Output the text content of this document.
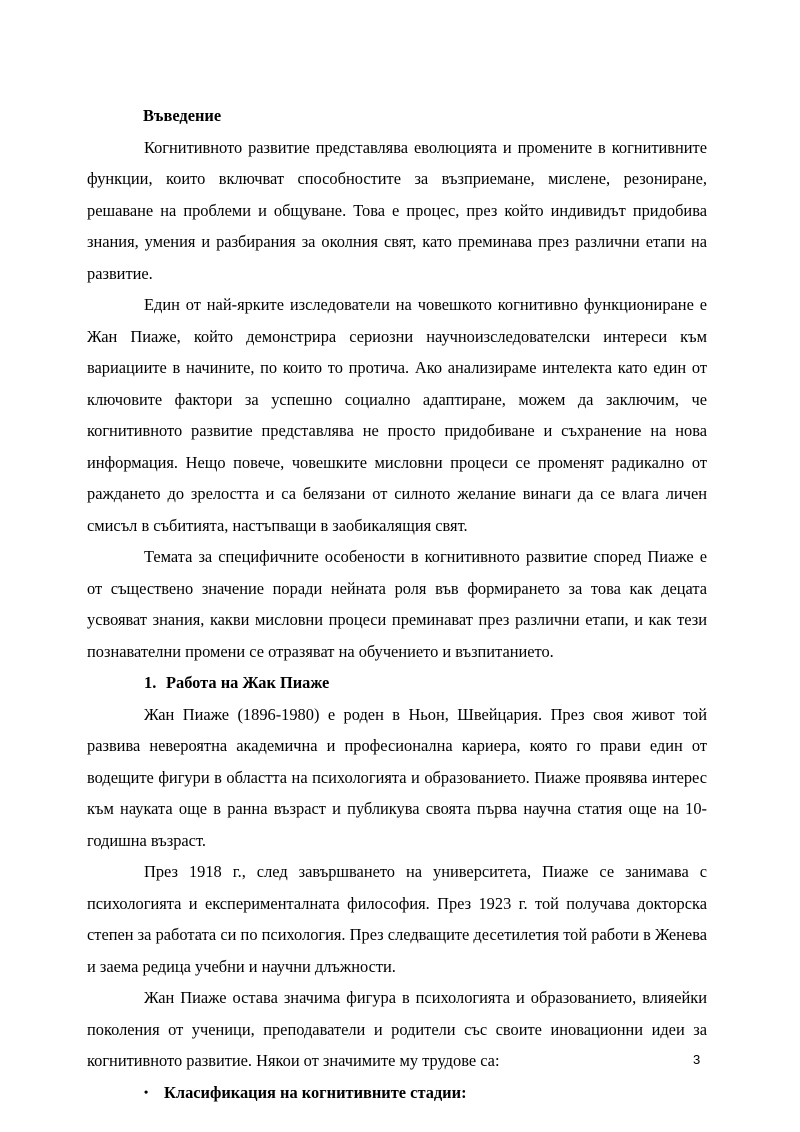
Въведение

Когнитивното развитие представлява еволюцията и промените в когнитивните функции, които включват способностите за възприемане, мислене, резониране, решаване на проблеми и общуване. Това е процес, през който индивидът придобива знания, умения и разбирания за околния свят, като преминава през различни етапи на развитие.

Един от най-ярките изследователи на човешкото когнитивно функциониране е Жан Пиаже, който демонстрира сериозни научноизследователски интереси към вариациите в начините, по които то протича. Ако анализираме интелекта като един от ключовите фактори за успешно социално адаптиране, можем да заключим, че когнитивното развитие представлява не просто придобиване и съхранение на нова информация. Нещо повече, човешките мисловни процеси се променят радикално от раждането до зрелостта и са белязани от силното желание винаги да се влага личен смисъл в събитията, настъпващи в заобикалящия свят.

Темата за специфичните особености в когнитивното развитие според Пиаже е от съществено значение поради нейната роля във формирането за това как децата усвояват знания, какви мисловни процеси преминават през различни етапи, и как тези познавателни промени се отразяват на обучението и възпитанието.

1. Работа на Жак Пиаже

Жан Пиаже (1896-1980) е роден в Ньон, Швейцария. През своя живот той развива невероятна академична и професионална кариера, която го прави един от водещите фигури в областта на психологията и образованието. Пиаже проявява интерес към науката още в ранна възраст и публикува своята първа научна статия още на 10-годишна възраст.

През 1918 г., след завършването на университета, Пиаже се занимава с психологията и експерименталната философия. През 1923 г. той получава докторска степен за работата си по психология. През следващите десетилетия той работи в Женева и заема редица учебни и научни длъжности.

Жан Пиаже остава значима фигура в психологията и образованието, влияейки поколения от ученици, преподаватели и родители със своите иновационни идеи за когнитивното развитие. Някои от значимите му трудове са:

• Класификация на когнитивните стадии:

3
